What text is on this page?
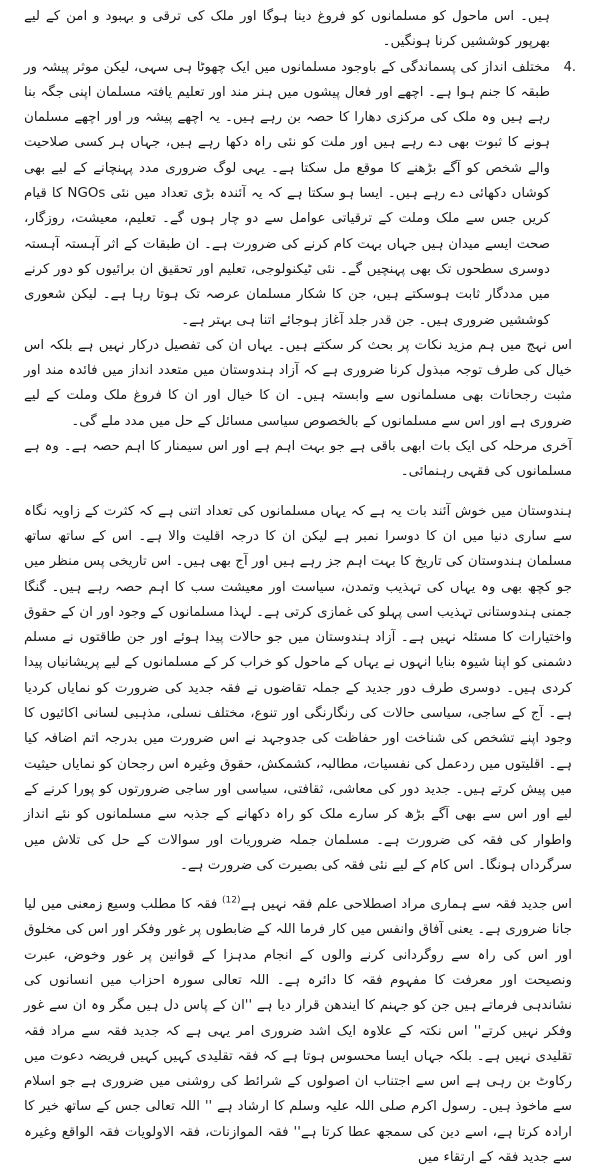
ہیں۔ اس ماحول کو مسلمانوں کو فروغ دینا ہوگا اور ملک کی ترقی و بہبود و امن کے لیے بھرپور کوششیں کرنا ہونگیں۔

4.
مختلف انداز کی پسماندگی کے باوجود مسلمانوں میں ایک چھوٹا ہی سہی، لیکن موثر پیشہ ور طبقہ کا جنم ہوا ہے۔ اچھے اور فعال پیشوں میں ہنر مند اور تعلیم یافتہ مسلمان اپنی جگہ بنا رہے ہیں وہ ملک کی مرکزی دھارا کا حصہ بن رہے ہیں۔ یہ اچھے پیشہ ور اور اچھے مسلمان ہونے کا ثبوت بھی دے رہے ہیں اور ملت کو نئی راہ دکھا رہے ہیں، جہاں ہر کسی صلاحیت والے شخص کو آگے بڑھنے کا موقع مل سکتا ہے۔ یہی لوگ ضروری مدد پہنچانے کے لیے بھی کوشاں دکھائی دے رہے ہیں۔ ایسا ہو سکتا ہے کہ یہ آئندہ بڑی تعداد میں نئی NGOs کا قیام کریں جس سے ملک وملت کے ترقیاتی عوامل سے دو چار ہوں گے۔ تعلیم، معیشت، روزگار، صحت ایسے میدان ہیں جہاں بہت کام کرنے کی ضرورت ہے۔ ان طبقات کے اثر آہستہ آہستہ دوسری سطحوں تک بھی پہنچیں گے۔ نئی ٹیکنولوجی، تعلیم اور تحقیق ان برائیوں کو دور کرنے میں مددگار ثابت ہوسکتے ہیں، جن کا شکار مسلمان عرصہ تک ہوتا رہا ہے۔ لیکن شعوری کوششیں ضروری ہیں۔ جن قدر جلد آغاز ہوجائے اتنا ہی بہتر ہے۔

اس نہج میں ہم مزید نکات پر بحث کر سکتے ہیں۔ یہاں ان کی تفصیل درکار نہیں ہے بلکہ اس خیال کی طرف توجہ مبذول کرنا ضروری ہے کہ آزاد ہندوستان میں متعدد انداز میں فائدہ مند اور مثبت رجحانات بھی مسلمانوں سے وابستہ ہیں۔ ان کا خیال اور ان کا فروغ ملک وملت کے لیے ضروری ہے اور اس سے مسلمانوں کے بالخصوص سیاسی مسائل کے حل میں مدد ملے گی۔

آخری مرحلہ کی ایک بات ابھی باقی ہے جو بہت اہم ہے اور اس سیمنار کا اہم حصہ ہے۔ وہ ہے مسلمانوں کی فقہی رہنمائی۔

ہندوستان میں خوش آئند بات یہ ہے کہ یہاں مسلمانوں کی تعداد اتنی ہے کہ کثرت کے زاویہ نگاہ سے ساری دنیا میں ان کا دوسرا نمبر ہے لیکن ان کا درجہ اقلیت والا ہے۔ اس کے ساتھ ساتھ مسلمان ہندوستان کی تاریخ کا بہت اہم جز رہے ہیں اور آج بھی ہیں۔ اس تاریخی پس منظر میں جو کچھ بھی وہ یہاں کی تہذیب وتمدن، سیاست اور معیشت سب کا اہم حصہ رہے ہیں۔ گنگا جمنی ہندوستانی تہذیب اسی پہلو کی غمازی کرتی ہے۔ لہذا مسلمانوں کے وجود اور ان کے حقوق واختیارات کا مسئلہ نہیں ہے۔ آزاد ہندوستان میں جو حالات پیدا ہوئے اور جن طاقتوں نے مسلم دشمنی کو اپنا شیوہ بنایا انہوں نے یہاں کے ماحول کو خراب کر کے مسلمانوں کے لیے پریشانیاں پیدا کردی ہیں۔ دوسری طرف دور جدید کے جملہ تقاضوں نے فقہ جدید کی ضرورت کو نمایاں کردیا ہے۔ آج کے ساجی، سیاسی حالات کی رنگارنگی اور تنوع، مختلف نسلی، مذہبی لسانی اکائیوں کا وجود اپنے تشخص کی شناخت اور حفاظت کی جدوجہد نے اس ضرورت میں بدرجہ اتم اضافہ کیا ہے۔ اقلیتوں میں ردعمل کی نفسیات، مطالبہ، کشمکش، حقوق وغیرہ اس رجحان کو نمایاں حیثیت میں پیش کرتے ہیں۔ جدید دور کی معاشی، ثقافتی، سیاسی اور ساجی ضرورتوں کو پورا کرنے کے لیے اور اس سے بھی آگے بڑھ کر سارے ملک کو راہ دکھانے کے جذبہ سے مسلمانوں کو نئے انداز واطوار کی فقہ کی ضرورت ہے۔ مسلمان جملہ ضروریات اور سوالات کے حل کی تلاش میں سرگرداں ہونگا۔ اس کام کے لیے نئی فقہ کی بصیرت کی ضرورت ہے۔

اس جدید فقہ سے ہماری مراد اصطلاحی علم فقہ نہیں ہے$^{(12)}$ فقہ کا مطلب وسیع زمعنی میں لیا جانا ضروری ہے۔ یعنی آفاق وانفس میں کار فرما اللہ کے ضابطوں پر غور وفکر اور اس کی مخلوق اور اس کی راہ سے روگردانی کرنے والوں کے انجام مدہزا کے قوانین پر غور وخوض، عبرت ونصیحت اور معرفت کا مفہوم فقہ کا دائرہ ہے۔ اللہ تعالی سورہ احزاب میں انسانوں کی نشاندہی فرماتے ہیں جن کو جہنم کا ایندھن قرار دیا ہے ''ان کے پاس دل ہیں مگر وہ ان سے غور وفکر نہیں کرتے'' اس نکتہ کے علاوہ ایک اشد ضروری امر یہی ہے کہ جدید فقہ سے مراد فقہ تقلیدی نہیں ہے۔ بلکہ جہاں ایسا محسوس ہوتا ہے کہ فقہ تقلیدی کہیں کہیں فریضہ دعوت میں رکاوٹ بن رہی ہے اس سے اجتناب ان اصولوں کے شرائط کی روشنی میں ضروری ہے جو اسلام سے ماخوذ ہیں۔ رسول اکرم صلی اللہ علیہ وسلم کا ارشاد ہے '' اللہ تعالی جس کے ساتھ خیر کا ارادہ کرتا ہے، اسے دین کی سمجھ عطا کرتا ہے'' فقہ الموازنات، فقہ الاولویات فقہ الواقع وغیرہ سے جدید فقہ کے ارتقاء میں
